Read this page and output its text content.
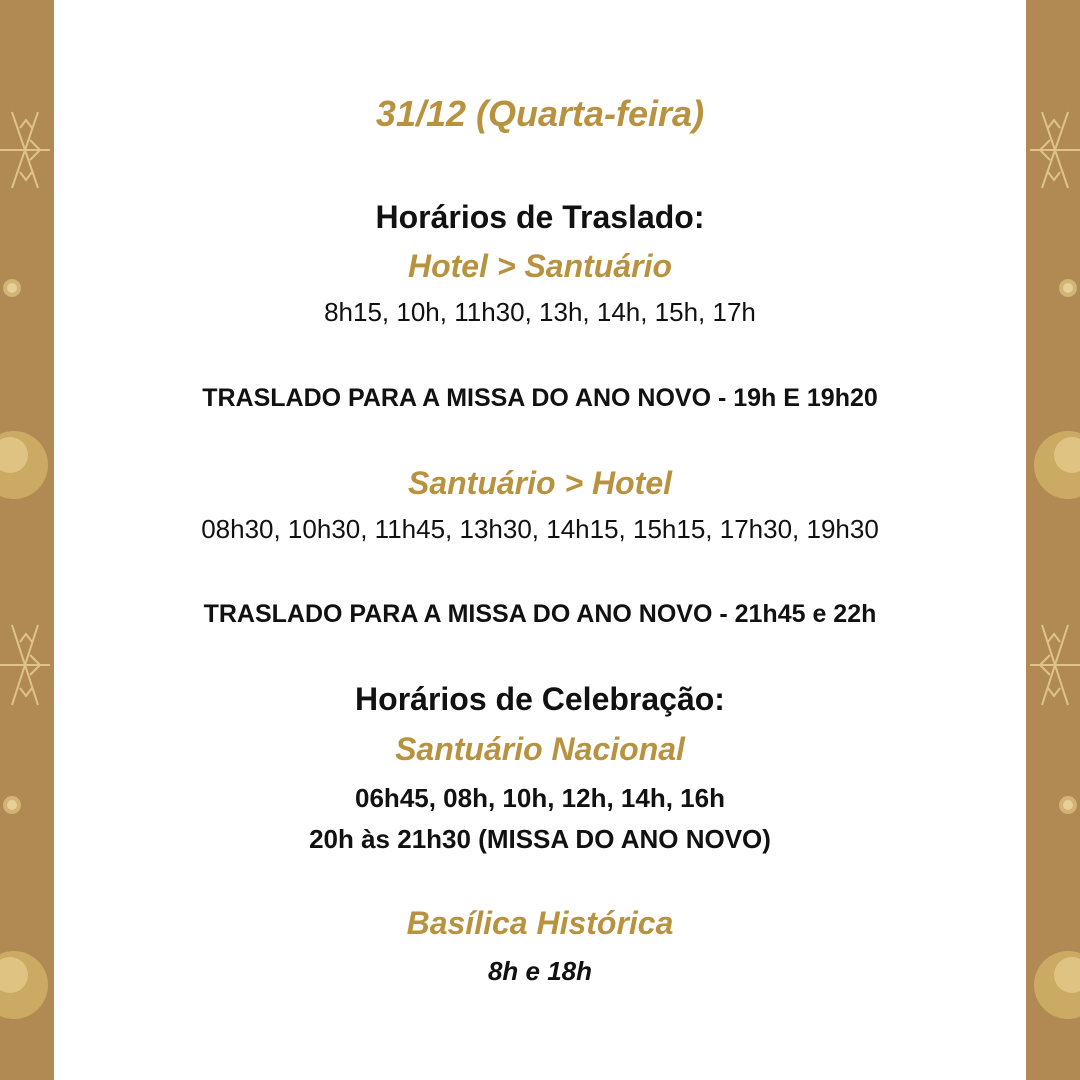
31/12 (Quarta-feira)
Horários de Traslado:
Hotel > Santuário
8h15, 10h, 11h30, 13h, 14h, 15h, 17h
TRASLADO PARA A MISSA DO ANO NOVO - 19h E 19h20
Santuário > Hotel
08h30, 10h30, 11h45, 13h30, 14h15, 15h15, 17h30, 19h30
TRASLADO PARA A MISSA DO ANO NOVO - 21h45 e 22h
Horários de Celebração:
Santuário Nacional
06h45, 08h, 10h, 12h, 14h, 16h
20h às 21h30 (MISSA DO ANO NOVO)
Basílica Histórica
8h e 18h
